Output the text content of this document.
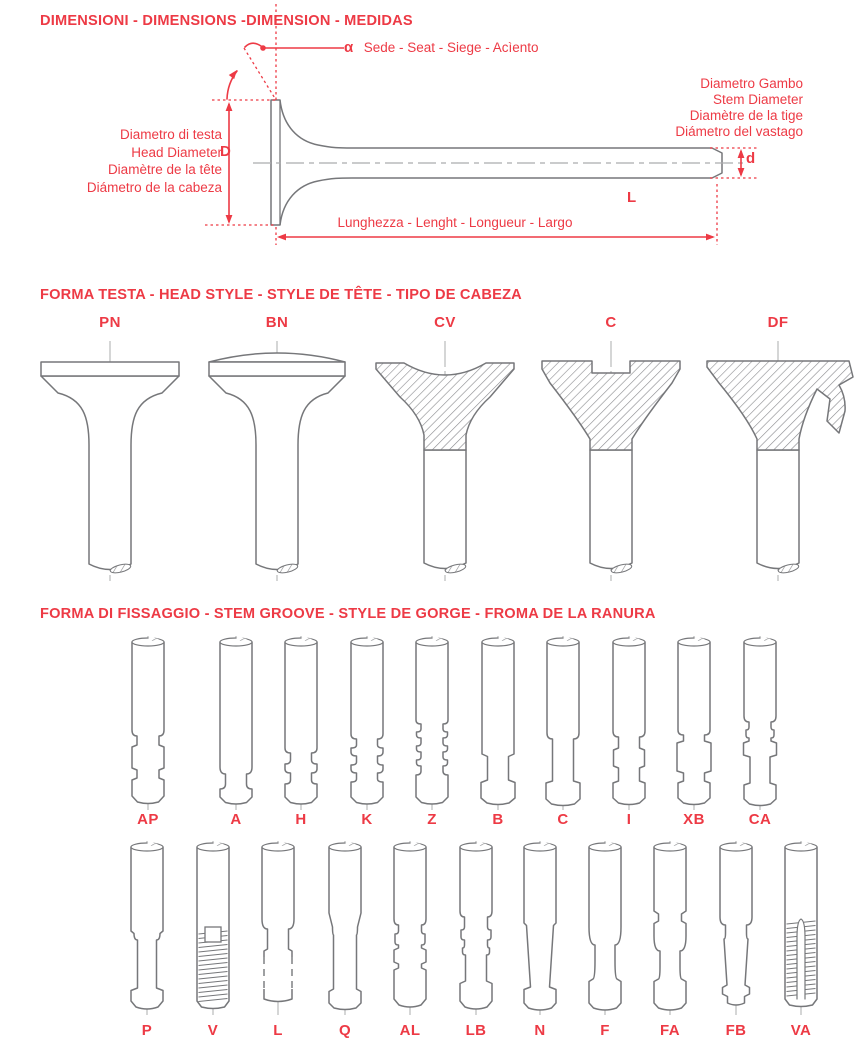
DIMENSIONI - DIMENSIONS -DIMENSION - MEDIDAS
α Sede - Seat - Siege - Acìento
Diametro Gambo
Stem Diameter
Diamètre de la tige
Diámetro del vastago
Diametro di testa
Head Diameter
Diamètre de la tête
Diámetro de la cabeza
D	d
L
Lunghezza - Lenght - Longueur - Largo
FORMA TESTA - HEAD STYLE - STYLE DE TÊTE - TIPO DE CABEZA
FORMA DI FISSAGGIO - STEM GROOVE - STYLE DE GORGE - FROMA DE LA RANURA
PN	BN	CV	C	DF
AP	A	H	K	Z	B	C	I	XB	CA
P	V	L	Q	AL	LB	N	F	FA	FB	VA
